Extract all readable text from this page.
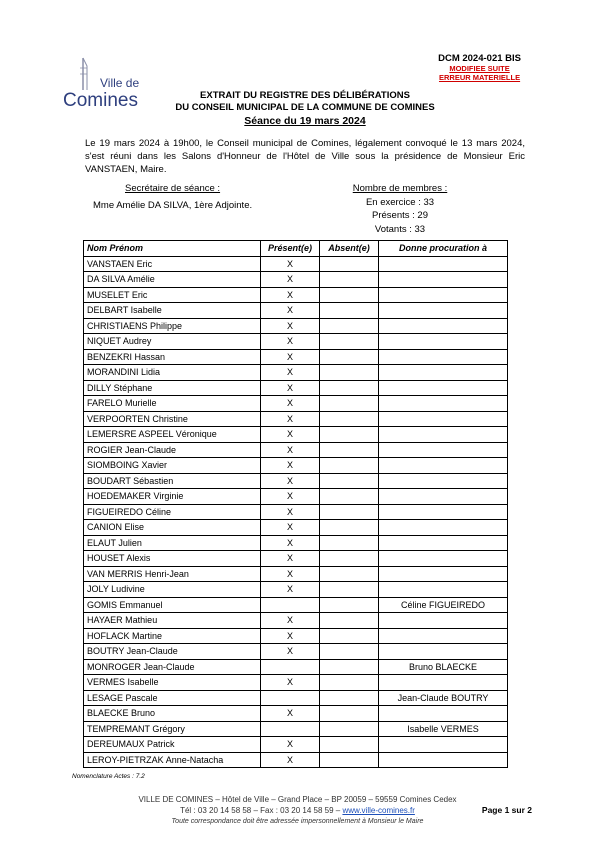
Ville de
Comines
DCM 2024-021 BIS
MODIFIEE SUITE
ERREUR MATERIELLE
EXTRAIT DU REGISTRE DES DÉLIBÉRATIONS
DU CONSEIL MUNICIPAL DE LA COMMUNE DE COMINES
Séance du 19 mars 2024
Le 19 mars 2024 à 19h00, le Conseil municipal de Comines, légalement convoqué le 13 mars 2024, s'est réuni dans les Salons d'Honneur de l'Hôtel de Ville sous la présidence de Monsieur Eric VANSTAEN, Maire.
Secrétaire de séance :
Mme Amélie DA SILVA, 1ère Adjointe.
Nombre de membres :
En exercice : 33
Présents : 29
Votants : 33
Nom Prénom	Présent(e)	Absent(e)	Donne procuration à
VANSTAEN Eric	X		
DA SILVA Amélie	X		
MUSELET Eric	X		
DELBART Isabelle	X		
CHRISTIAENS Philippe	X		
NIQUET Audrey	X		
BENZEKRI Hassan	X		
MORANDINI Lidia	X		
DILLY Stéphane	X		
FARELO Murielle	X		
VERPOORTEN Christine	X		
LEMERSRE ASPEEL Véronique	X		
ROGIER Jean-Claude	X		
SIOMBOING Xavier	X		
BOUDART Sébastien	X		
HOEDEMAKER Virginie	X		
FIGUEIREDO Céline	X		
CANION Elise	X		
ELAUT Julien	X		
HOUSET Alexis	X		
VAN MERRIS Henri-Jean	X		
JOLY Ludivine	X		
GOMIS Emmanuel			Céline FIGUEIREDO
HAYAER Mathieu	X		
HOFLACK Martine	X		
BOUTRY Jean-Claude	X		
MONROGER Jean-Claude			Bruno BLAECKE
VERMES Isabelle	X		
LESAGE Pascale			Jean-Claude BOUTRY
BLAECKE Bruno	X		
TEMPREMANT Grégory			Isabelle VERMES
DEREUMAUX Patrick	X		
LEROY-PIETRZAK Anne-Natacha	X		
Nomenclature Actes : 7.2
VILLE DE COMINES – Hôtel de Ville – Grand Place – BP 20059 – 59559 Comines Cedex
Tél : 03 20 14 58 58 – Fax : 03 20 14 58 59 – www.ville-comines.fr
Toute correspondance doit être adressée impersonnellement à Monsieur le Maire
Page 1 sur 2
